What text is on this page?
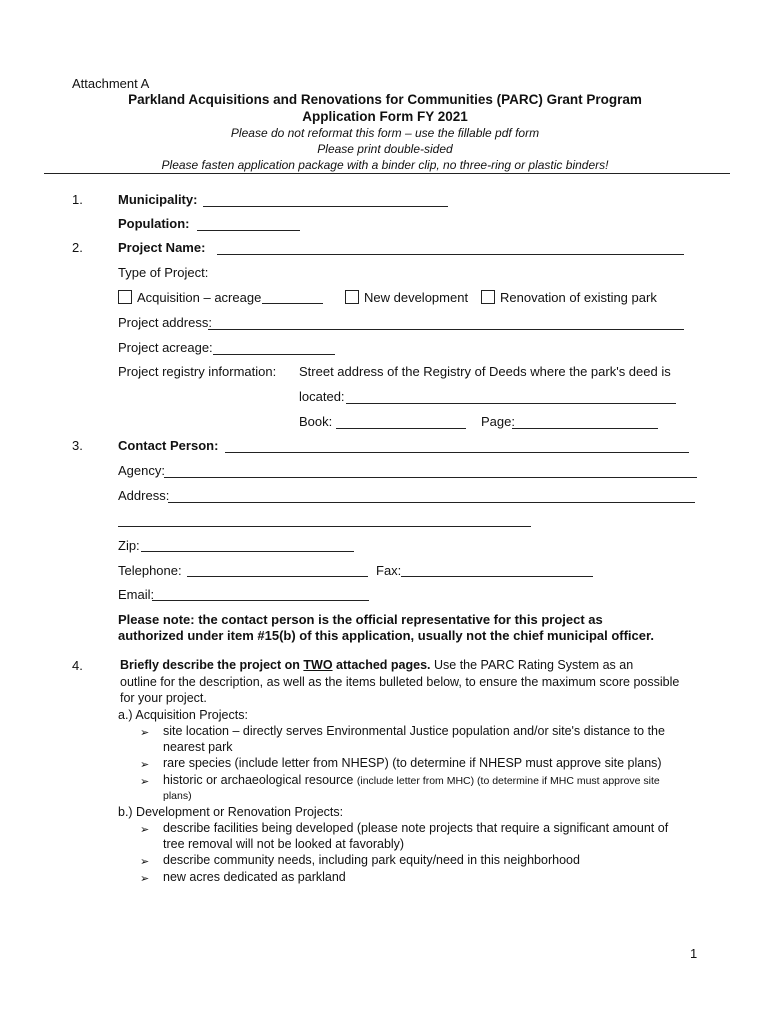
Attachment A
Parkland Acquisitions and Renovations for Communities (PARC) Grant Program
Application Form FY 2021
Please do not reformat this form – use the fillable pdf form
Please print double-sided
Please fasten application package with a binder clip, no three-ring or plastic binders!
1.	Municipality:
Population:
2.	Project Name:
Type of Project:
Acquisition – acreage	New development	Renovation of existing park
Project address:
Project acreage:
Project registry information: Street address of the Registry of Deeds where the park's deed is
located:
Book:	Page:
3.	Contact Person:
Agency:
Address:
Zip:
Telephone:	Fax:
Email:
Please note: the contact person is the official representative for this project as
authorized under item #15(b) of this application, usually not the chief municipal officer.
4.	Briefly describe the project on TWO attached pages. Use the PARC Rating System as an
outline for the description, as well as the items bulleted below, to ensure the maximum score possible
for your project.
a.) Acquisition Projects:
➢ site location – directly serves Environmental Justice population and/or site's distance to the
nearest park
➢ rare species (include letter from NHESP) (to determine if NHESP must approve site plans)
➢ historic or archaeological resource (include letter from MHC) (to determine if MHC must approve site
plans)
b.) Development or Renovation Projects:
➢ describe facilities being developed (please note projects that require a significant amount of
tree removal will not be looked at favorably)
➢ describe community needs, including park equity/need in this neighborhood
➢ new acres dedicated as parkland
1
